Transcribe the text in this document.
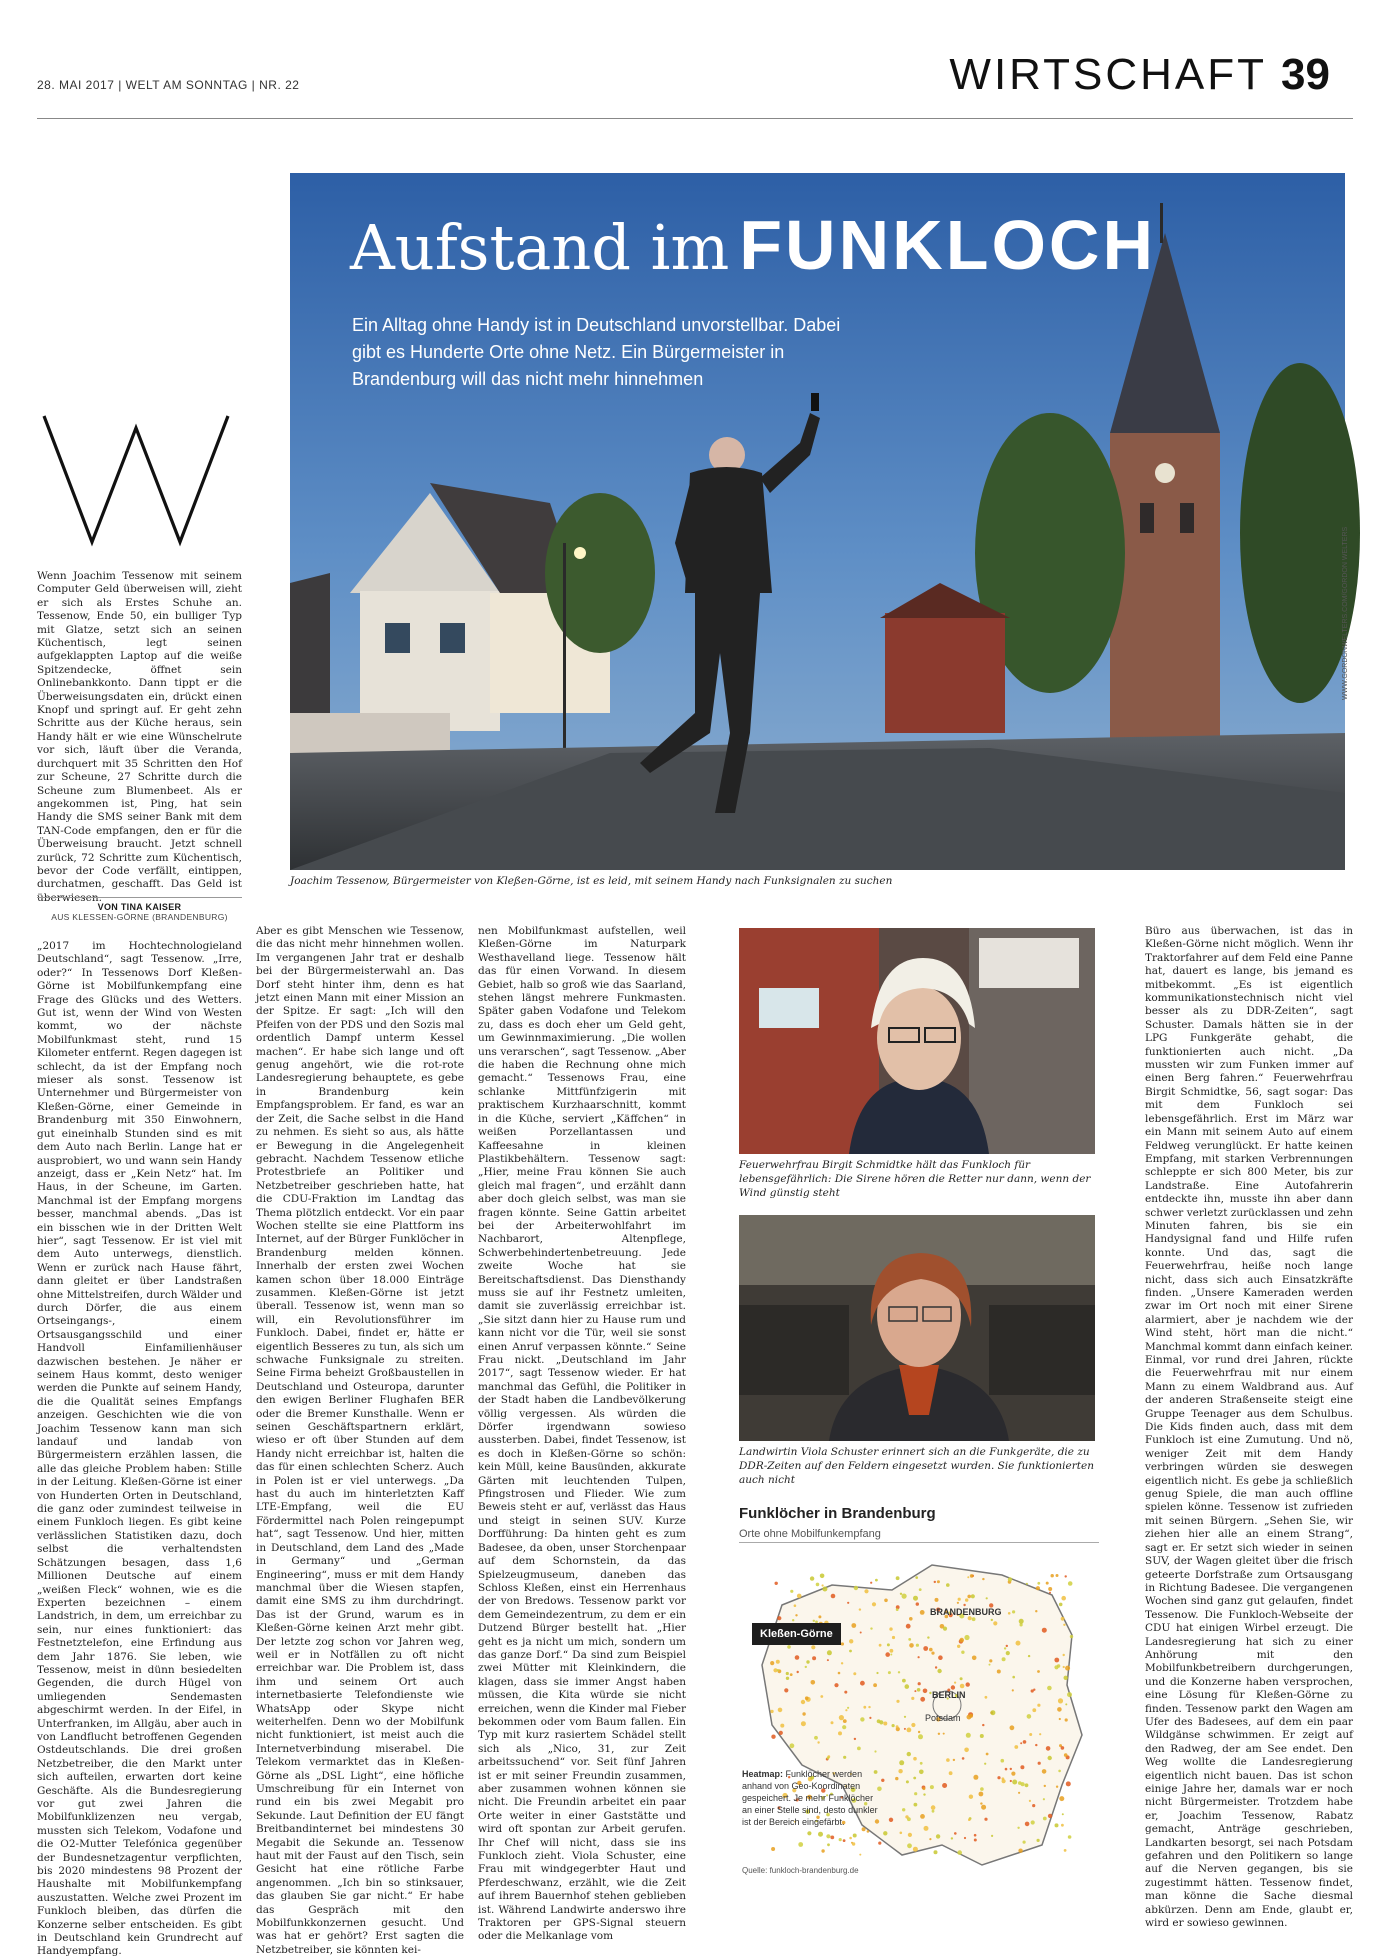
28. MAI 2017 | WELT AM SONNTAG | NR. 22	WIRTSCHAFT 39
Aufstand im FUNKLOCH
Ein Alltag ohne Handy ist in Deutschland unvorstellbar. Dabei gibt es Hunderte Orte ohne Netz. Ein Bürgermeister in Brandenburg will das nicht mehr hinnehmen
WWW.GORDONWELTERS.COM/GORDON WELTERS
Joachim Tessenow, Bürgermeister von Kleßen-Görne, ist es leid, mit seinem Handy nach Funksignalen zu suchen
Wenn Joachim Tessenow mit seinem Computer Geld überweisen will, zieht er sich als Erstes Schuhe an. Tessenow, Ende 50, ein bulliger Typ mit Glatze, setzt sich an seinen Küchentisch, legt seinen aufgeklappten Laptop auf die weiße Spitzendecke, öffnet sein Onlinebankkonto. Dann tippt er die Überweisungsdaten ein, drückt einen Knopf und springt auf. Er geht zehn Schritte aus der Küche heraus, sein Handy hält er wie eine Wünschelrute vor sich, läuft über die Veranda, durchquert mit 35 Schritten den Hof zur Scheune, 27 Schritte durch die Scheune zum Blumenbeet. Als er angekommen ist, Ping, hat sein Handy die SMS seiner Bank mit dem TAN-Code empfangen, den er für die Überweisung braucht. Jetzt schnell zurück, 72 Schritte zum Küchentisch, bevor der Code verfällt, eintippen, durchatmen, geschafft. Das Geld ist überwiesen.
VON TINA KAISER
AUS KLESSEN-GÖRNE (BRANDENBURG)
„2017 im Hochtechnologieland Deutschland“, sagt Tessenow. „Irre, oder?“ In Tessenows Dorf Kleßen-Görne ist Mobilfunkempfang eine Frage des Glücks und des Wetters. Gut ist, wenn der Wind von Westen kommt, wo der nächste Mobilfunkmast steht, rund 15 Kilometer entfernt. Regen dagegen ist schlecht, da ist der Empfang noch mieser als sonst. Tessenow ist Unternehmer und Bürgermeister von Kleßen-Görne, einer Gemeinde in Brandenburg mit 350 Einwohnern, gut eineinhalb Stunden sind es mit dem Auto nach Berlin. Lange hat er ausprobiert, wo und wann sein Handy anzeigt, dass er „Kein Netz“ hat. Im Haus, in der Scheune, im Garten. Manchmal ist der Empfang morgens besser, manchmal abends. „Das ist ein bisschen wie in der Dritten Welt hier“, sagt Tessenow. Er ist viel mit dem Auto unterwegs, dienstlich. Wenn er zurück nach Hause fährt, dann gleitet er über Landstraßen ohne Mittelstreifen, durch Wälder und durch Dörfer, die aus einem Ortseingangs-, einem Ortsausgangsschild und einer Handvoll Einfamilienhäuser dazwischen bestehen. Je näher er seinem Haus kommt, desto weniger werden die Punkte auf seinem Handy, die die Qualität seines Empfangs anzeigen. Geschichten wie die von Joachim Tessenow kann man sich landauf und landab von Bürgermeistern erzählen lassen, die alle das gleiche Problem haben: Stille in der Leitung. Kleßen-Görne ist einer von Hunderten Orten in Deutschland, die ganz oder zumindest teilweise in einem Funkloch liegen. Es gibt keine verlässlichen Statistiken dazu, doch selbst die verhaltendsten Schätzungen besagen, dass 1,6 Millionen Deutsche auf einem „weißen Fleck“ wohnen, wie es die Experten bezeichnen – einem Landstrich, in dem, um erreichbar zu sein, nur eines funktioniert: das Festnetztelefon, eine Erfindung aus dem Jahr 1876. Sie leben, wie Tessenow, meist in dünn besiedelten Gegenden, die durch Hügel von umliegenden Sendemasten abgeschirmt werden. In der Eifel, in Unterfranken, im Allgäu, aber auch in von Landflucht betroffenen Gegenden Ostdeutschlands. Die drei großen Netzbetreiber, die den Markt unter sich aufteilen, erwarten dort keine Geschäfte. Als die Bundesregierung vor gut zwei Jahren die Mobilfunklizenzen neu vergab, mussten sich Telekom, Vodafone und die O2-Mutter Telefónica gegenüber der Bundesnetzagentur verpflichten, bis 2020 mindestens 98 Prozent der Haushalte mit Mobilfunkempfang auszustatten. Welche zwei Prozent im Funkloch bleiben, das dürfen die Konzerne selber entscheiden. Es gibt in Deutschland kein Grundrecht auf Handyempfang.
Aber es gibt Menschen wie Tessenow, die das nicht mehr hinnehmen wollen. Im vergangenen Jahr trat er deshalb bei der Bürgermeisterwahl an. Das Dorf steht hinter ihm, denn es hat jetzt einen Mann mit einer Mission an der Spitze. Er sagt: „Ich will den Pfeifen von der PDS und den Sozis mal ordentlich Dampf unterm Kessel machen“. Er habe sich lange und oft genug angehört, wie die rot-rote Landesregierung behauptete, es gebe in Brandenburg kein Empfangsproblem. Er fand, es war an der Zeit, die Sache selbst in die Hand zu nehmen. Es sieht so aus, als hätte er Bewegung in die Angelegenheit gebracht. Nachdem Tessenow etliche Protestbriefe an Politiker und Netzbetreiber geschrieben hatte, hat die CDU-Fraktion im Landtag das Thema plötzlich entdeckt. Vor ein paar Wochen stellte sie eine Plattform ins Internet, auf der Bürger Funklöcher in Brandenburg melden können. Innerhalb der ersten zwei Wochen kamen schon über 18.000 Einträge zusammen. Kleßen-Görne ist jetzt überall. Tessenow ist, wenn man so will, ein Revolutionsführer im Funkloch. Dabei, findet er, hätte er eigentlich Besseres zu tun, als sich um schwache Funksignale zu streiten. Seine Firma beheizt Großbaustellen in Deutschland und Osteuropa, darunter den ewigen Berliner Flughafen BER oder die Bremer Kunsthalle. Wenn er seinen Geschäftspartnern erklärt, wieso er oft über Stunden auf dem Handy nicht erreichbar ist, halten die das für einen schlechten Scherz. Auch in Polen ist er viel unterwegs. „Da hast du auch im hinterletzten Kaff LTE-Empfang, weil die EU Fördermittel nach Polen reingepumpt hat“, sagt Tessenow. Und hier, mitten in Deutschland, dem Land des „Made in Germany“ und „German Engineering“, muss er mit dem Handy manchmal über die Wiesen stapfen, damit eine SMS zu ihm durchdringt. Das ist der Grund, warum es in Kleßen-Görne keinen Arzt mehr gibt. Der letzte zog schon vor Jahren weg, weil er in Notfällen zu oft nicht erreichbar war. Die Problem ist, dass ihm und seinem Ort auch internetbasierte Telefondienste wie WhatsApp oder Skype nicht weiterhelfen. Denn wo der Mobilfunk nicht funktioniert, ist meist auch die Internetverbindung miserabel. Die Telekom vermarktet das in Kleßen-Görne als „DSL Light“, eine höfliche Umschreibung für ein Internet von rund ein bis zwei Megabit pro Sekunde. Laut Definition der EU fängt Breitbandinternet bei mindestens 30 Megabit die Sekunde an. Tessenow haut mit der Faust auf den Tisch, sein Gesicht hat eine rötliche Farbe angenommen. „Ich bin so stinksauer, das glauben Sie gar nicht.“ Er habe das Gespräch mit den Mobilfunkkonzernen gesucht. Und was hat er gehört? Erst sagten die Netzbetreiber, sie könnten kei-
nen Mobilfunkmast aufstellen, weil Kleßen-Görne im Naturpark Westhavelland liege. Tessenow hält das für einen Vorwand. In diesem Gebiet, halb so groß wie das Saarland, stehen längst mehrere Funkmasten. Später gaben Vodafone und Telekom zu, dass es doch eher um Geld geht, um Gewinnmaximierung. „Die wollen uns verarschen“, sagt Tessenow. „Aber die haben die Rechnung ohne mich gemacht.“ Tessenows Frau, eine schlanke Mittfünfzigerin mit praktischem Kurzhaarschnitt, kommt in die Küche, serviert „Käffchen“ in weißen Porzellantassen und Kaffeesahne in kleinen Plastikbehältern. Tessenow sagt: „Hier, meine Frau können Sie auch gleich mal fragen“, und erzählt dann aber doch gleich selbst, was man sie fragen könnte. Seine Gattin arbeitet bei der Arbeiterwohlfahrt im Nachbarort, Altenpflege, Schwerbehindertenbetreuung. Jede zweite Woche hat sie Bereitschaftsdienst. Das Diensthandy muss sie auf ihr Festnetz umleiten, damit sie zuverlässig erreichbar ist. „Sie sitzt dann hier zu Hause rum und kann nicht vor die Tür, weil sie sonst einen Anruf verpassen könnte.“ Seine Frau nickt. „Deutschland im Jahr 2017“, sagt Tessenow wieder. Er hat manchmal das Gefühl, die Politiker in der Stadt haben die Landbevölkerung völlig vergessen. Als würden die Dörfer irgendwann sowieso aussterben. Dabei, findet Tessenow, ist es doch in Kleßen-Görne so schön: kein Müll, keine Bausünden, akkurate Gärten mit leuchtenden Tulpen, Pfingstrosen und Flieder. Wie zum Beweis steht er auf, verlässt das Haus und steigt in seinen SUV. Kurze Dorfführung: Da hinten geht es zum Badesee, da oben, unser Storchenpaar auf dem Schornstein, da das Spielzeugmuseum, daneben das Schloss Kleßen, einst ein Herrenhaus der von Bredows. Tessenow parkt vor dem Gemeindezentrum, zu dem er ein Dutzend Bürger bestellt hat. „Hier geht es ja nicht um mich, sondern um das ganze Dorf.“ Da sind zum Beispiel zwei Mütter mit Kleinkindern, die klagen, dass sie immer Angst haben müssen, die Kita würde sie nicht erreichen, wenn die Kinder mal Fieber bekommen oder vom Baum fallen. Ein Typ mit kurz rasiertem Schädel stellt sich als „Nico, 31, zur Zeit arbeitssuchend“ vor. Seit fünf Jahren ist er mit seiner Freundin zusammen, aber zusammen wohnen können sie nicht. Die Freundin arbeitet ein paar Orte weiter in einer Gaststätte und wird oft spontan zur Arbeit gerufen. Ihr Chef will nicht, dass sie ins Funkloch zieht. Viola Schuster, eine Frau mit windgegerbter Haut und Pferdeschwanz, erzählt, wie die Zeit auf ihrem Bauernhof stehen geblieben ist. Während Landwirte anderswo ihre Traktoren per GPS-Signal steuern oder die Melkanlage vom
Büro aus überwachen, ist das in Kleßen-Görne nicht möglich. Wenn ihr Traktorfahrer auf dem Feld eine Panne hat, dauert es lange, bis jemand es mitbekommt. „Es ist eigentlich kommunikationstechnisch nicht viel besser als zu DDR-Zeiten“, sagt Schuster. Damals hätten sie in der LPG Funkgeräte gehabt, die funktionierten auch nicht. „Da mussten wir zum Funken immer auf einen Berg fahren.“ Feuerwehrfrau Birgit Schmidtke, 56, sagt sogar: Das mit dem Funkloch sei lebensgefährlich. Erst im März war ein Mann mit seinem Auto auf einem Feldweg verunglückt. Er hatte keinen Empfang, mit starken Verbrennungen schleppte er sich 800 Meter, bis zur Landstraße. Eine Autofahrerin entdeckte ihn, musste ihn aber dann schwer verletzt zurücklassen und zehn Minuten fahren, bis sie ein Handysignal fand und Hilfe rufen konnte. Und das, sagt die Feuerwehrfrau, heiße noch lange nicht, dass sich auch Einsatzkräfte finden. „Unsere Kameraden werden zwar im Ort noch mit einer Sirene alarmiert, aber je nachdem wie der Wind steht, hört man die nicht.“ Manchmal kommt dann einfach keiner. Einmal, vor rund drei Jahren, rückte die Feuerwehrfrau mit nur einem Mann zu einem Waldbrand aus. Auf der anderen Straßenseite steigt eine Gruppe Teenager aus dem Schulbus. Die Kids finden auch, dass mit dem Funkloch ist eine Zumutung. Und nö, weniger Zeit mit dem Handy verbringen würden sie deswegen eigentlich nicht. Es gebe ja schließlich genug Spiele, die man auch offline spielen könne. Tessenow ist zufrieden mit seinen Bürgern. „Sehen Sie, wir ziehen hier alle an einem Strang“, sagt er. Er setzt sich wieder in seinen SUV, der Wagen gleitet über die frisch geteerte Dorfstraße zum Ortsausgang in Richtung Badesee. Die vergangenen Wochen sind ganz gut gelaufen, findet Tessenow. Die Funkloch-Webseite der CDU hat einigen Wirbel erzeugt. Die Landesregierung hat sich zu einer Anhörung mit den Mobilfunkbetreibern durchgerungen, und die Konzerne haben versprochen, eine Lösung für Kleßen-Görne zu finden. Tessenow parkt den Wagen am Ufer des Badesees, auf dem ein paar Wildgänse schwimmen. Er zeigt auf den Radweg, der am See endet. Den Weg wollte die Landesregierung eigentlich nicht bauen. Das ist schon einige Jahre her, damals war er noch nicht Bürgermeister. Trotzdem habe er, Joachim Tessenow, Rabatz gemacht, Anträge geschrieben, Landkarten besorgt, sei nach Potsdam gefahren und den Politikern so lange auf die Nerven gegangen, bis sie zugestimmt hätten. Tessenow findet, man könne die Sache diesmal abkürzen. Denn am Ende, glaubt er, wird er sowieso gewinnen.
Feuerwehrfrau Birgit Schmidtke hält das Funkloch für lebensgefährlich: Die Sirene hören die Retter nur dann, wenn der Wind günstig steht
Landwirtin Viola Schuster erinnert sich an die Funkgeräte, die zu DDR-Zeiten auf den Feldern eingesetzt wurden. Sie funktionierten auch nicht
Funklöcher in Brandenburg
Orte ohne Mobilfunkempfang
Kleßen-Görne
BRANDENBURG
BERLIN
Potsdam
Heatmap: Funklöcher werden anhand von Geo-Koordinaten gespeichert. Je mehr Funklöcher an einer Stelle sind, desto dunkler ist der Bereich eingefärbt.
Quelle: funkloch-brandenburg.de
